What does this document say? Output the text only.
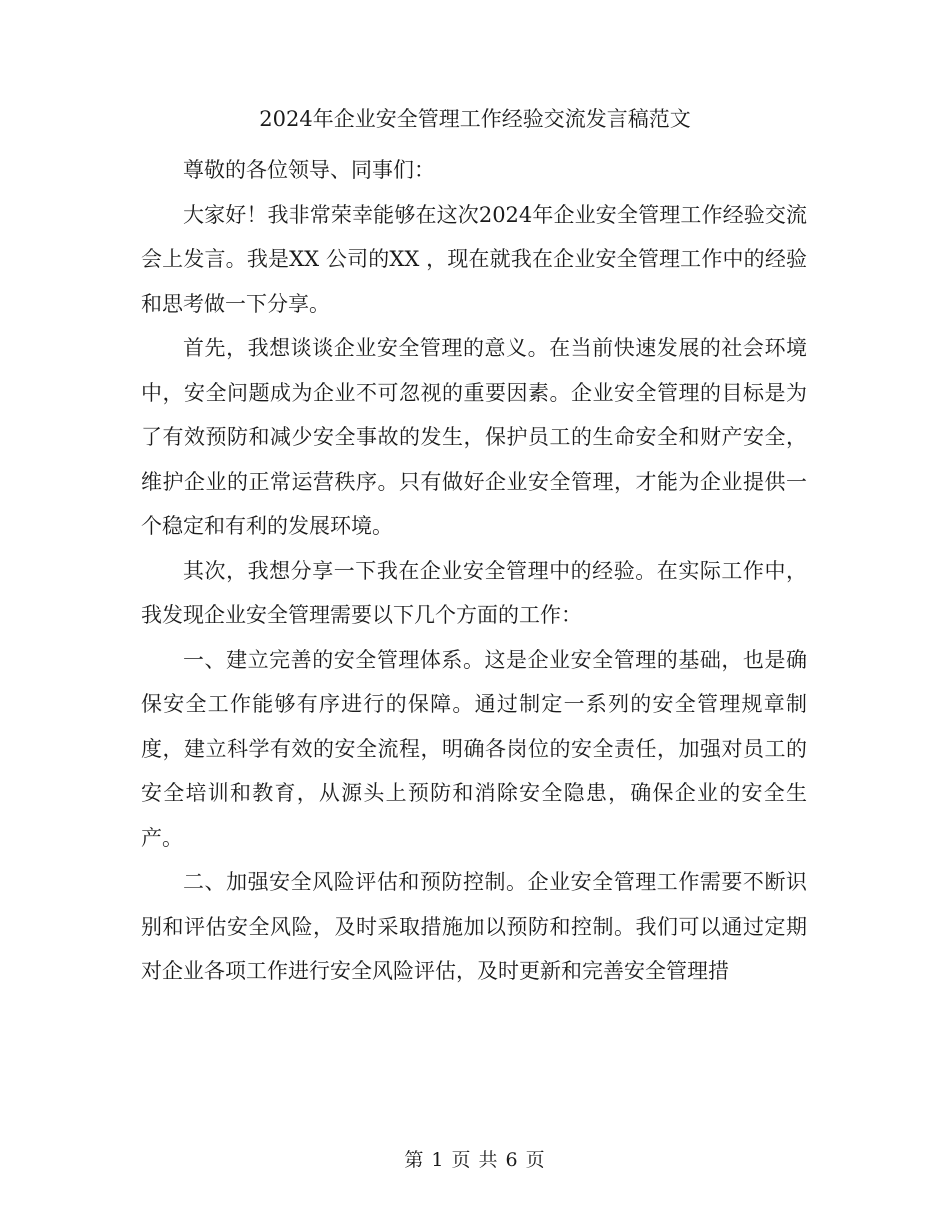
2024年企业安全管理工作经验交流发言稿范文

尊敬的各位领导、同事们：

大家好！我非常荣幸能够在这次2024年企业安全管理工作经验交流会上发言。我是XX 公司的XX ，现在就我在企业安全管理工作中的经验和思考做一下分享。

首先，我想谈谈企业安全管理的意义。在当前快速发展的社会环境中，安全问题成为企业不可忽视的重要因素。企业安全管理的目标是为了有效预防和减少安全事故的发生，保护员工的生命安全和财产安全，维护企业的正常运营秩序。只有做好企业安全管理，才能为企业提供一个稳定和有利的发展环境。

其次，我想分享一下我在企业安全管理中的经验。在实际工作中，我发现企业安全管理需要以下几个方面的工作：

一、建立完善的安全管理体系。这是企业安全管理的基础，也是确保安全工作能够有序进行的保障。通过制定一系列的安全管理规章制度，建立科学有效的安全流程，明确各岗位的安全责任，加强对员工的安全培训和教育，从源头上预防和消除安全隐患，确保企业的安全生产。

二、加强安全风险评估和预防控制。企业安全管理工作需要不断识别和评估安全风险，及时采取措施加以预防和控制。我们可以通过定期对企业各项工作进行安全风险评估，及时更新和完善安全管理措

第 1 页 共 6 页
